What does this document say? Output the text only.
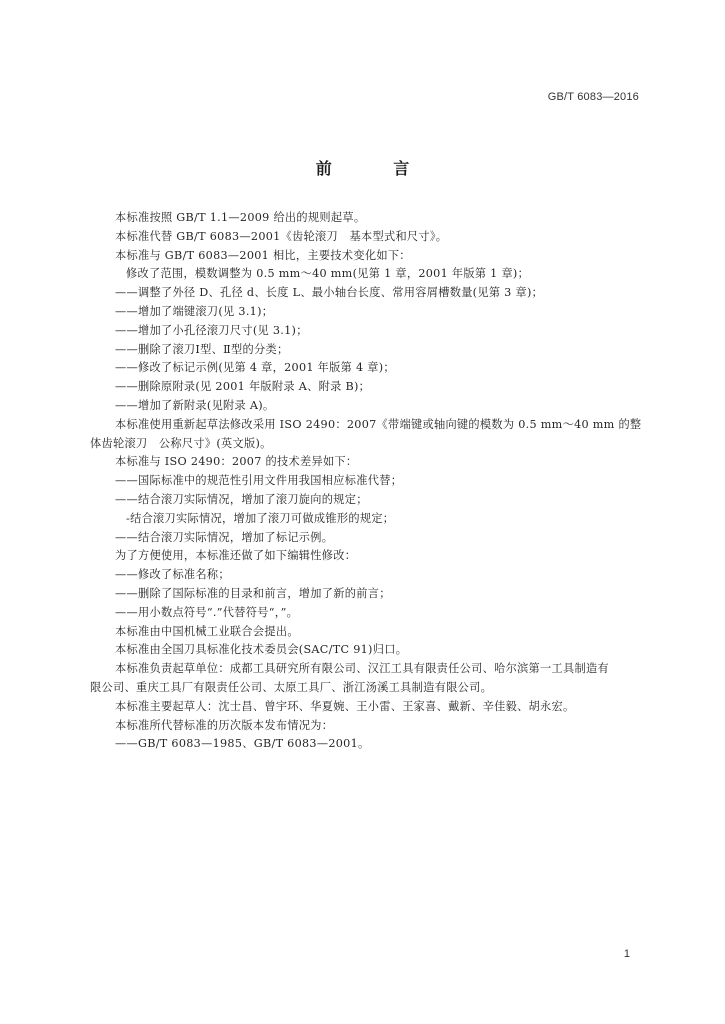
GB/T 6083—2016
前 言
本标准按照 GB/T 1.1—2009 给出的规则起草。
本标准代替 GB/T 6083—2001《齿轮滚刀　基本型式和尺寸》。
本标准与 GB/T 6083—2001 相比，主要技术变化如下：
修改了范围，模数调整为 0.5 mm～40 mm(见第 1 章，2001 年版第 1 章)；
——调整了外径 D、孔径 d、长度 L、最小轴台长度、常用容屑槽数量(见第 3 章)；
——增加了端键滚刀(见 3.1)；
——增加了小孔径滚刀尺寸(见 3.1)；
——删除了滚刀Ⅰ型、Ⅱ型的分类；
——修改了标记示例(见第 4 章，2001 年版第 4 章)；
——删除原附录(见 2001 年版附录 A、附录 B)；
——增加了新附录(见附录 A)。
本标准使用重新起草法修改采用 ISO 2490：2007《带端键或轴向键的模数为 0.5 mm～40 mm 的整
体齿轮滚刀　公称尺寸》(英文版)。
本标准与 ISO 2490：2007 的技术差异如下：
——国际标准中的规范性引用文件用我国相应标准代替；
——结合滚刀实际情况，增加了滚刀旋向的规定；
-结合滚刀实际情况，增加了滚刀可做成锥形的规定；
——结合滚刀实际情况，增加了标记示例。
为了方便使用，本标准还做了如下编辑性修改：
——修改了标准名称；
——删除了国际标准的目录和前言，增加了新的前言；
——用小数点符号“.”代替符号“，”。
本标准由中国机械工业联合会提出。
本标准由全国刀具标准化技术委员会(SAC/TC 91)归口。
本标准负责起草单位：成都工具研究所有限公司、汉江工具有限责任公司、哈尔滨第一工具制造有
限公司、重庆工具厂有限责任公司、太原工具厂、浙江汤溪工具制造有限公司。
本标准主要起草人：沈士昌、曾宇环、华夏婉、王小雷、王家喜、戴新、辛佳毅、胡永宏。
本标准所代替标准的历次版本发布情况为：
——GB/T 6083—1985、GB/T 6083—2001。
1
